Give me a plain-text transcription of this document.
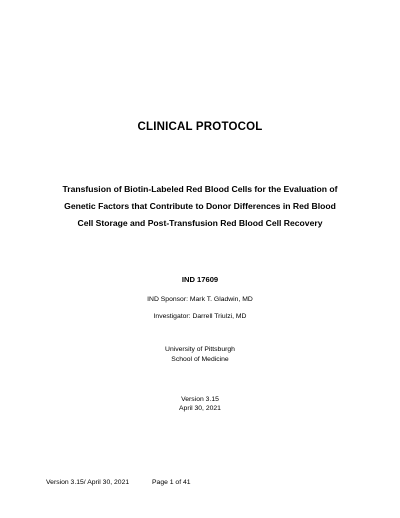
CLINICAL PROTOCOL
Transfusion of Biotin-Labeled Red Blood Cells for the Evaluation of
Genetic Factors that Contribute to Donor Differences in Red Blood
Cell Storage and Post-Transfusion Red Blood Cell Recovery
IND 17609
IND Sponsor: Mark T. Gladwin, MD
Investigator: Darrell Triulzi, MD
University of Pittsburgh
School of Medicine
Version 3.15
April 30, 2021
Version 3.15/ April 30, 2021	Page 1 of 41
